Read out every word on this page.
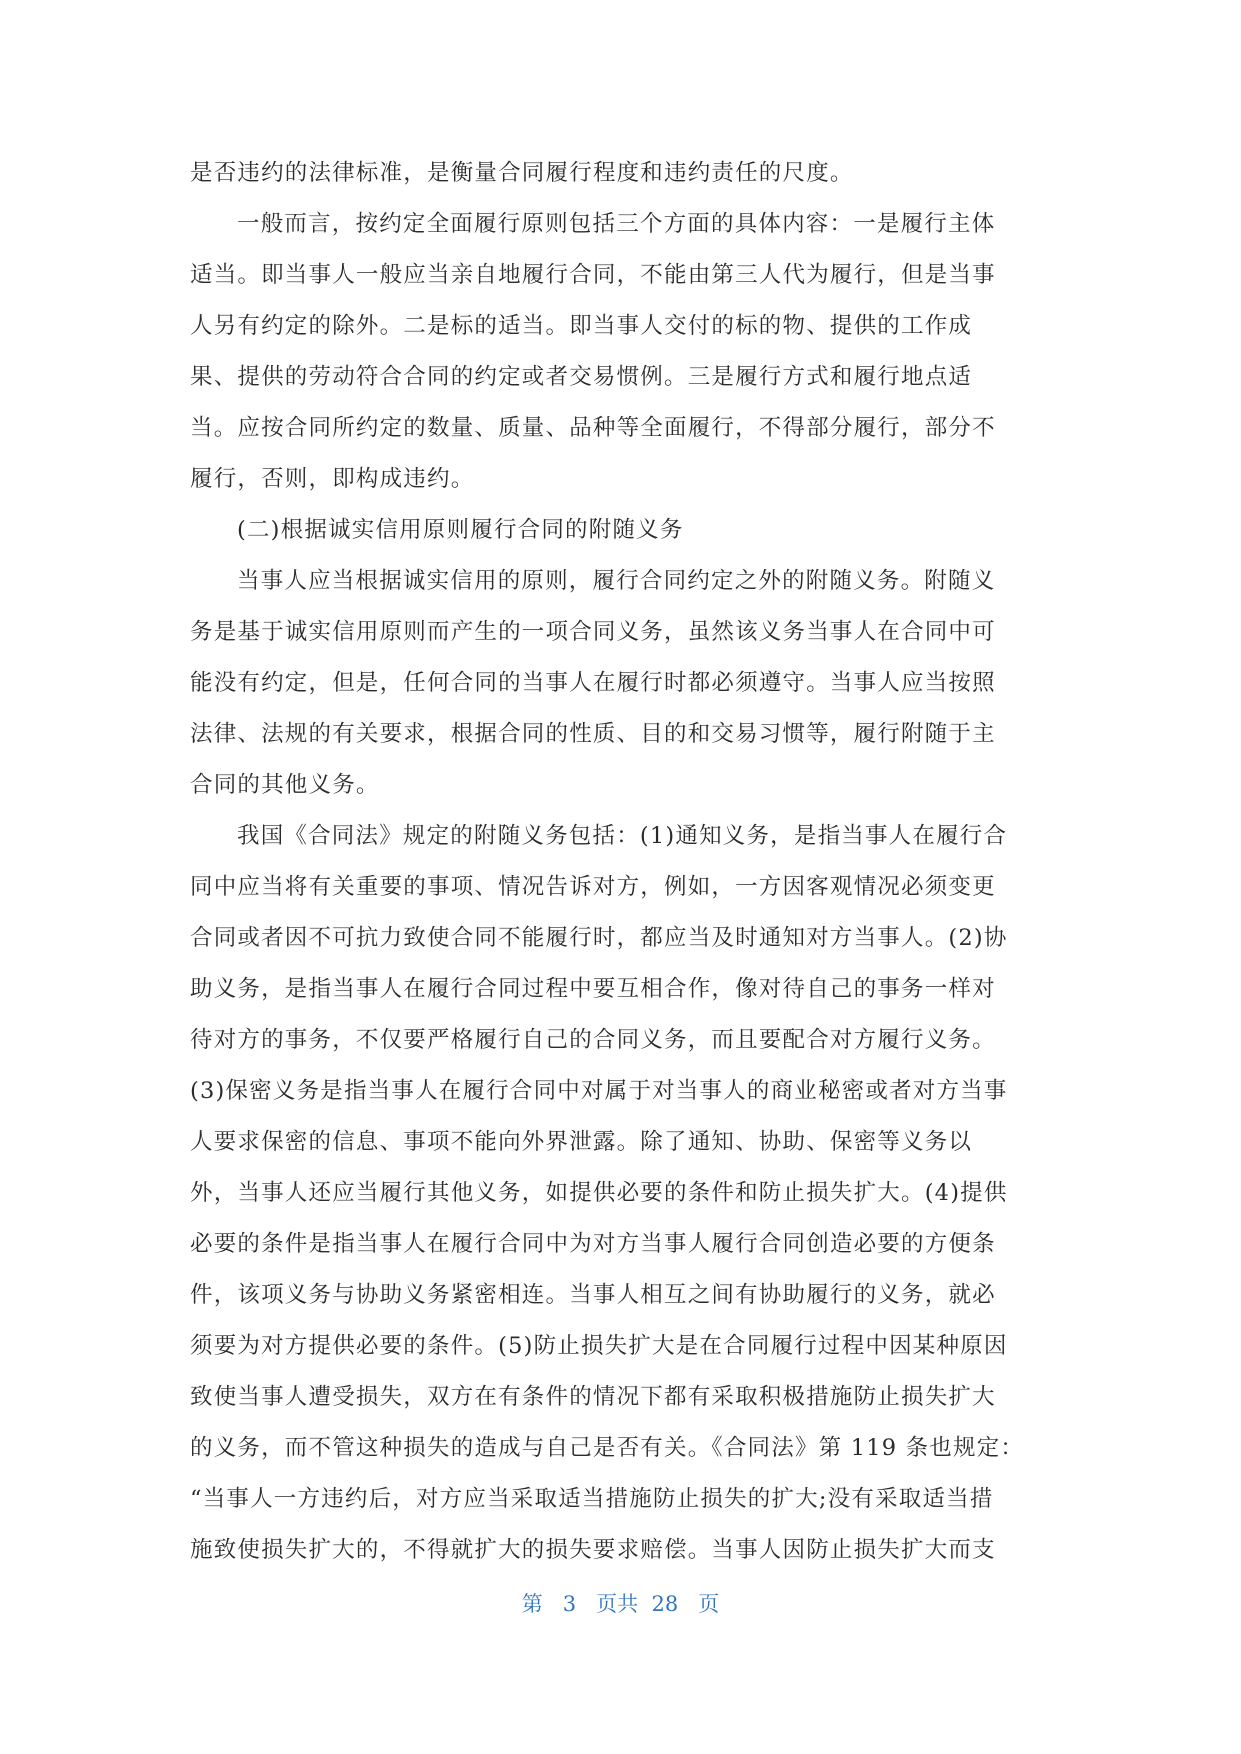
是否违约的法律标准，是衡量合同履行程度和违约责任的尺度。
一般而言，按约定全面履行原则包括三个方面的具体内容：一是履行主体
适当。即当事人一般应当亲自地履行合同，不能由第三人代为履行，但是当事
人另有约定的除外。二是标的适当。即当事人交付的标的物、提供的工作成
果、提供的劳动符合合同的约定或者交易惯例。三是履行方式和履行地点适
当。应按合同所约定的数量、质量、品种等全面履行，不得部分履行，部分不
履行，否则，即构成违约。
(二)根据诚实信用原则履行合同的附随义务
当事人应当根据诚实信用的原则，履行合同约定之外的附随义务。附随义
务是基于诚实信用原则而产生的一项合同义务，虽然该义务当事人在合同中可
能没有约定，但是，任何合同的当事人在履行时都必须遵守。当事人应当按照
法律、法规的有关要求，根据合同的性质、目的和交易习惯等，履行附随于主
合同的其他义务。
我国《合同法》规定的附随义务包括：(1)通知义务，是指当事人在履行合
同中应当将有关重要的事项、情况告诉对方，例如，一方因客观情况必须变更
合同或者因不可抗力致使合同不能履行时，都应当及时通知对方当事人。(2)协
助义务，是指当事人在履行合同过程中要互相合作，像对待自己的事务一样对
待对方的事务，不仅要严格履行自己的合同义务，而且要配合对方履行义务。
(3)保密义务是指当事人在履行合同中对属于对当事人的商业秘密或者对方当事
人要求保密的信息、事项不能向外界泄露。除了通知、协助、保密等义务以
外，当事人还应当履行其他义务，如提供必要的条件和防止损失扩大。(4)提供
必要的条件是指当事人在履行合同中为对方当事人履行合同创造必要的方便条
件，该项义务与协助义务紧密相连。当事人相互之间有协助履行的义务，就必
须要为对方提供必要的条件。(5)防止损失扩大是在合同履行过程中因某种原因
致使当事人遭受损失，双方在有条件的情况下都有采取积极措施防止损失扩大
的义务，而不管这种损失的造成与自己是否有关。《合同法》第 119 条也规定：
“当事人一方违约后，对方应当采取适当措施防止损失的扩大;没有采取适当措
施致使损失扩大的，不得就扩大的损失要求赔偿。当事人因防止损失扩大而支
第 3 页共 28 页
